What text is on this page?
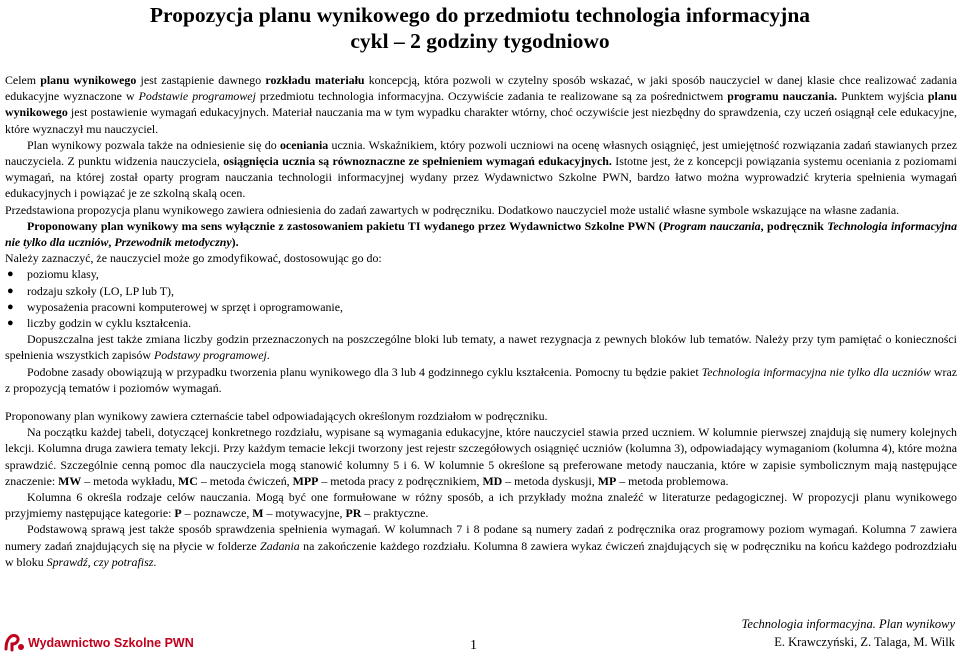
Propozycja planu wynikowego do przedmiotu technologia informacyjna
cykl – 2 godziny tygodniowo

Celem planu wynikowego jest zastąpienie dawnego rozkładu materiału koncepcją, która pozwoli w czytelny sposób wskazać, w jaki sposób nauczyciel w danej klasie chce realizować zadania edukacyjne wyznaczone w Podstawie programowej przedmiotu technologia informacyjna. Oczywiście zadania te realizowane są za pośrednictwem programu nauczania. Punktem wyjścia planu wynikowego jest postawienie wymagań edukacyjnych. Materiał nauczania ma w tym wypadku charakter wtórny, choć oczywiście jest niezbędny do sprawdzenia, czy uczeń osiągnął cele edukacyjne, które wyznaczył mu nauczyciel.

Plan wynikowy pozwala także na odniesienie się do oceniania ucznia. Wskaźnikiem, który pozwoli uczniowi na ocenę własnych osiągnięć, jest umiejętność rozwiązania zadań stawianych przez nauczyciela. Z punktu widzenia nauczyciela, osiągnięcia uczniа są równoznaczne ze spełnieniem wymagań edukacyjnych. Istotne jest, że z koncepcji powiązania systemu oceniania z poziomami wymagań, na której został oparty program nauczania technologii informacyjnej wydany przez Wydawnictwo Szkolne PWN, bardzo łatwo można wyprowadzić kryteria spełnienia wymagań edukacyjnych i powiązać je ze szkolną skalą ocen.

Przedstawiona propozycja planu wynikowego zawiera odniesienia do zadań zawartych w podręczniku. Dodatkowo nauczyciel może ustalić własne symbole wskazujące na własne zadania.

Proponowany plan wynikowy ma sens wyłącznie z zastosowaniem pakietu TI wydanego przez Wydawnictwo Szkolne PWN (Program nauczania, podręcznik Technologia informacyjna nie tylko dla uczniów, Przewodnik metodyczny).

Należy zaznaczyć, że nauczyciel może go zmodyfikować, dostosowując go do:

● poziomu klasy,
● rodzaju szkoły (LO, LP lub T),
● wyposażenia pracowni komputerowej w sprzęt i oprogramowanie,
● liczby godzin w cyklu kształcenia.

Dopuszczalna jest także zmiana liczby godzin przeznaczonych na poszczególne bloki lub tematy, a nawet rezygnacja z pewnych bloków lub tematów. Należy przy tym pamiętać o konieczności spełnienia wszystkich zapisów Podstawy programowej.

Podobne zasady obowiązują w przypadku tworzenia planu wynikowego dla 3 lub 4 godzinnego cyklu kształcenia. Pomocny tu będzie pakiet Technologia informacyjna nie tylko dla uczniów wraz z propozycją tematów i poziomów wymagań.

Proponowany plan wynikowy zawiera czternaście tabel odpowiadających określonym rozdziałom w podręczniku.

Na początku każdej tabeli, dotyczącej konkretnego rozdziału, wypisane są wymagania edukacyjne, które nauczyciel stawia przed uczniem. W kolumnie pierwszej znajdują się numery kolejnych lekcji. Kolumna druga zawiera tematy lekcji. Przy każdym temacie lekcji tworzony jest rejestr szczegółowych osiągnięć uczniów (kolumna 3), odpowiadający wymaganiom (kolumna 4), które można sprawdzić. Szczególnie cenną pomoc dla nauczyciela mogą stanowić kolumny 5 i 6. W kolumnie 5 określone są preferowane metody nauczania, które w zapisie symbolicznym mają następujące znaczenie: MW – metoda wykładu, MC – metoda ćwiczeń, MPP – metoda pracy z podręcznikiem, MD – metoda dyskusji, MP – metoda problemowa.

Kolumna 6 określa rodzaje celów nauczania. Mogą być one formułowane w różny sposób, a ich przykłady można znaleźć w literaturze pedagogicznej. W propozycji planu wynikowego przyjmiemy następujące kategorie: P – poznawcze, M – motywacyjne, PR – praktyczne.

Podstawową sprawą jest także sposób sprawdzenia spełnienia wymagań. W kolumnach 7 i 8 podane są numery zadań z podręcznika oraz programowy poziom wymagań. Kolumna 7 zawiera numery zadań znajdujących się na płycie w folderze Zadania na zakończenie każdego rozdziału. Kolumna 8 zawiera wykaz ćwiczeń znajdujących się w podręczniku na końcu każdego podrozdziału w bloku Sprawdź, czy potrafisz.

Wydawnictwo Szkolne PWN	1
Technologia informacyjna. Plan wynikowy
E. Krawczyński, Z. Talaga, M. Wilk
